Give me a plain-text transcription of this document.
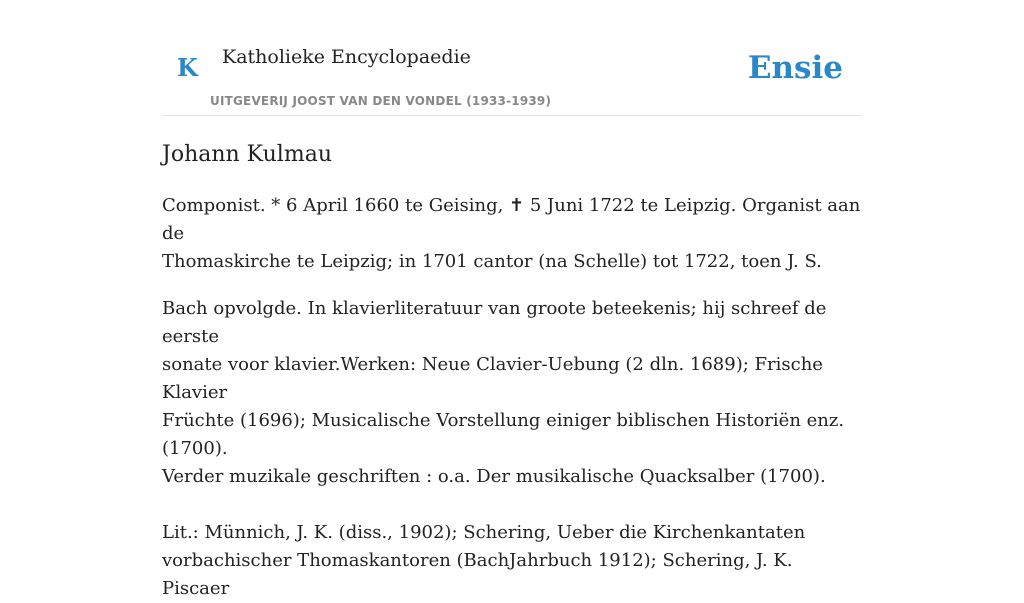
K Katholieke Encyclopaedie
UITGEVERIJ JOOST VAN DEN VONDEL (1933-1939)
Ensie
Johann Kulmau

Componist. * 6 April 1660 te Geising, ✝ 5 Juni 1722 te Leipzig. Organist aan de
Thomaskirche te Leipzig; in 1701 cantor (na Schelle) tot 1722, toen J. S.

Bach opvolgde. In klavierliteratuur van groote beteekenis; hij schreef de eerste
sonate voor klavier.Werken: Neue Clavier-Uebung (2 dln. 1689); Frische Klavier
Früchte (1696); Musicalische Vorstellung einiger biblischen Historiën enz. (1700).
Verder muzikale geschriften : o.a. Der musikalische Quacksalber (1700).

Lit.: Münnich, J. K. (diss., 1902); Schering, Ueber die Kirchenkantaten
vorbachischer Thomaskantoren (BachJahrbuch 1912); Schering, J. K. Piscaer
